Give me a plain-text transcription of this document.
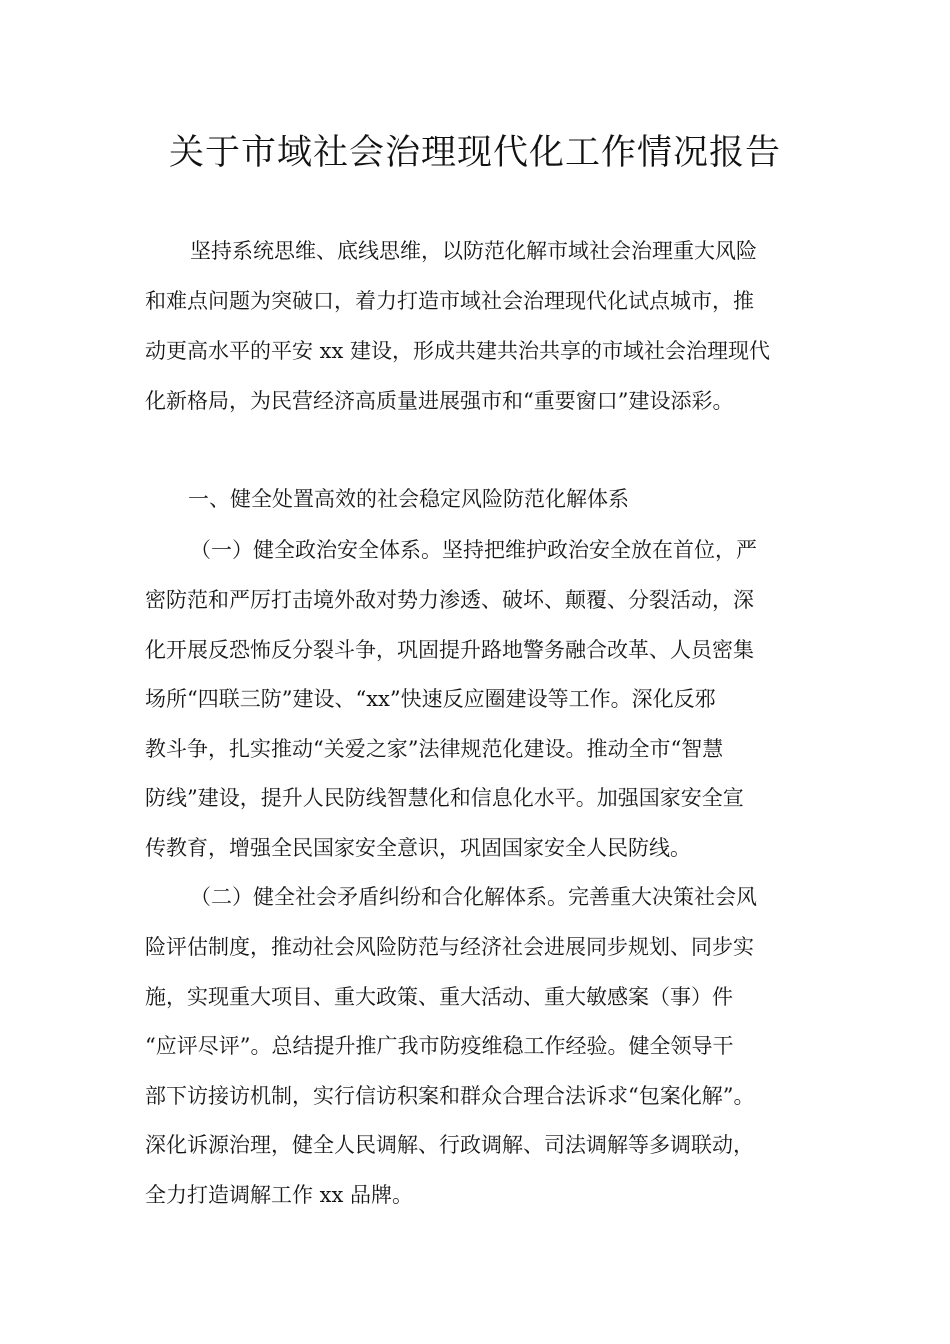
关于市域社会治理现代化工作情况报告
坚持系统思维、底线思维，以防范化解市域社会治理重大风险
和难点问题为突破口，着力打造市域社会治理现代化试点城市，推
动更高水平的平安 xx 建设，形成共建共治共享的市域社会治理现代
化新格局，为民营经济高质量进展强市和“重要窗口”建设添彩。
一、健全处置高效的社会稳定风险防范化解体系
（一）健全政治安全体系。坚持把维护政治安全放在首位，严
密防范和严厉打击境外敌对势力渗透、破坏、颠覆、分裂活动，深
化开展反恐怖反分裂斗争，巩固提升路地警务融合改革、人员密集
场所“四联三防”建设、“xx”快速反应圈建设等工作。深化反邪
教斗争，扎实推动“关爱之家”法律规范化建设。推动全市“智慧
防线”建设，提升人民防线智慧化和信息化水平。加强国家安全宣
传教育，增强全民国家安全意识，巩固国家安全人民防线。
（二）健全社会矛盾纠纷和合化解体系。完善重大决策社会风
险评估制度，推动社会风险防范与经济社会进展同步规划、同步实
施，实现重大项目、重大政策、重大活动、重大敏感案（事）件
“应评尽评”。总结提升推广我市防疫维稳工作经验。健全领导干
部下访接访机制，实行信访积案和群众合理合法诉求“包案化解”。
深化诉源治理，健全人民调解、行政调解、司法调解等多调联动，
全力打造调解工作 xx 品牌。
